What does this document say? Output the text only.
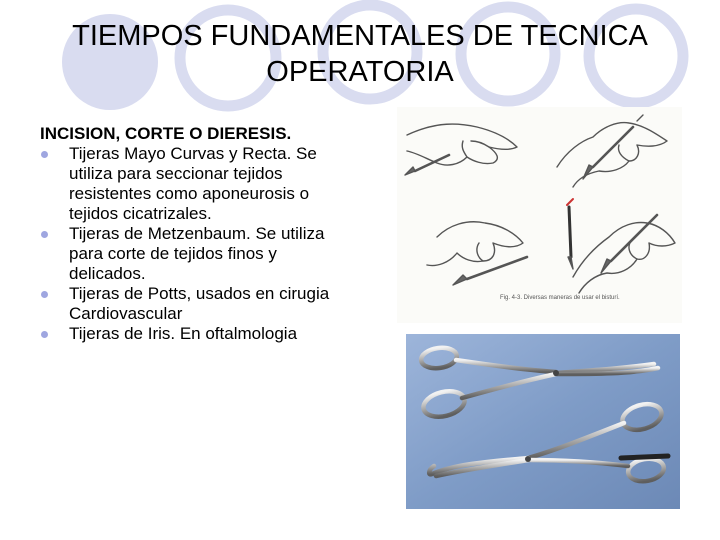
TIEMPOS FUNDAMENTALES DE TECNICA
OPERATORIA
INCISION, CORTE O DIERESIS.
Tijeras Mayo Curvas y Recta. Se utiliza para seccionar tejidos resistentes como aponeurosis o tejidos cicatrizales.
Tijeras de Metzenbaum. Se utiliza para corte de tejidos finos y delicados.
Tijeras de Potts, usados en cirugia Cardiovascular
Tijeras de Iris. En oftalmologia
Fig. 4-3. Diversas maneras de usar el bisturí.
